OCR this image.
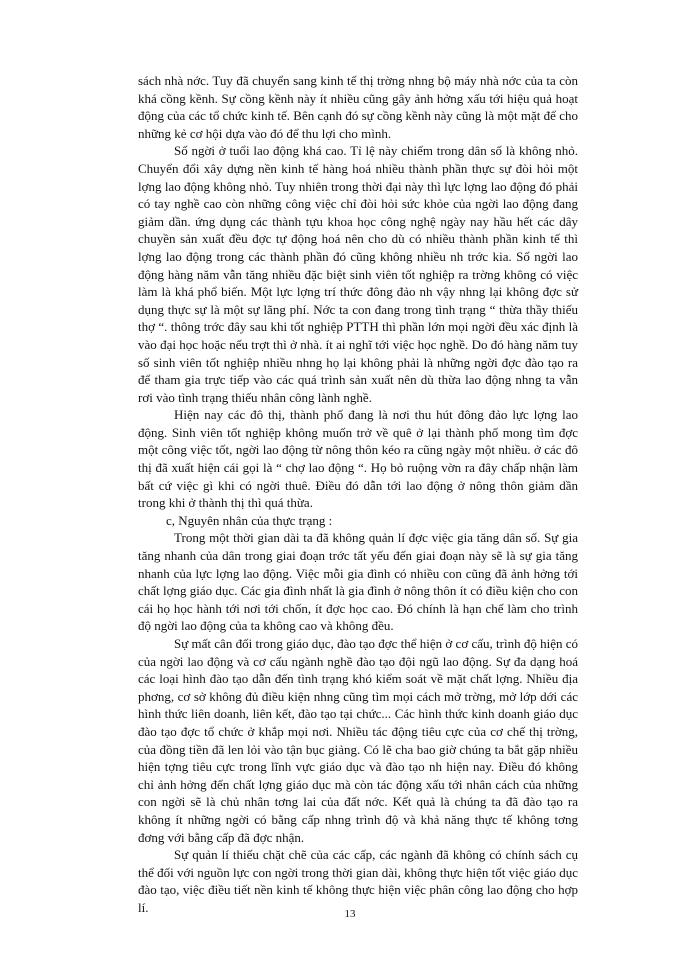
sách nhà nớc. Tuy đã chuyển sang kinh tế thị trờng nhng bộ máy nhà nớc của ta còn khá cồng kềnh. Sự cồng kềnh này ít nhiều cũng gây ảnh hởng xấu tới hiệu quả hoạt động của các tổ chức kinh tế. Bên cạnh đó sự cồng kềnh này cũng là một mặt để cho những kẻ cơ hội dựa vào đó để thu lợi cho mình.

Số ngời ở tuổi lao động khá cao. Tỉ lệ này chiếm trong dân số là không nhỏ. Chuyển đổi xây dựng nền kinh tế hàng hoá nhiều thành phần thực sự đòi hỏi một lợng lao động không nhỏ. Tuy nhiên trong thời đại này thì lực lợng lao động đó phải có tay nghề cao còn những công việc chỉ đòi hỏi sức khỏe của ngời lao động đang giảm dần. ứng dụng các thành tựu khoa học công nghệ ngày nay hầu hết các dây chuyền sản xuất đều đợc tự động hoá nên cho dù có nhiều thành phần kinh tế thì lợng lao động trong các thành phần đó cũng không nhiều nh trớc kia. Số ngời lao động hàng năm vẫn tăng nhiều đặc biệt sinh viên tốt nghiệp ra trờng không có việc làm là khá phổ biến. Một lực lợng trí thức đông đảo nh vậy nhng lại không đợc sử dụng thực sự là một sự lãng phí. Nớc ta con đang trong tình trạng “ thừa thầy thiếu thợ “. thông trớc đây sau khi tốt nghiệp PTTH thì phần lớn mọi ngời đều xác định là vào đại học hoặc nếu trợt thì ở nhà. ít ai nghĩ tới việc học nghề. Do đó hàng năm tuy số sinh viên tốt nghiệp nhiều nhng họ lại không phải là những ngời đợc đào tạo ra để tham gia trực tiếp vào các quá trình sản xuất nên dù thừa lao động nhng ta vẫn rơi vào tình trạng thiếu nhân công lành nghề.

Hiện nay các đô thị, thành phố đang là nơi thu hút đông đảo lực lợng lao động. Sinh viên tốt nghiệp không muốn trở về quê ở lại thành phố mong tìm đợc một công việc tốt, ngời lao động từ nông thôn kéo ra cũng ngày một nhiều. ở các đô thị đã xuất hiện cái gọi là “ chợ lao động “. Họ bỏ ruộng vờn ra đây chấp nhận làm bất cứ việc gì khi có ngời thuê. Điều đó dẫn tới lao động ở nông thôn giảm dần trong khi ở thành thị thì quá thừa.

c, Nguyên nhân của thực trạng :

Trong một thời gian dài ta đã không quản lí đợc việc gia tăng dân số. Sự gia tăng nhanh của dân trong giai đoạn trớc tất yếu đến giai đoạn này sẽ là sự gia tăng nhanh của lực lợng lao động. Việc mỗi gia đình có nhiều con cũng đã ảnh hởng tới chất lợng giáo dục. Các gia đình nhất là gia đình ở nông thôn ít có điều kiện cho con cái họ học hành tới nơi tới chốn, ít đợc học cao. Đó chính là hạn chế làm cho trình độ ngời lao động của ta không cao và không đều.

Sự mất cân đối trong giáo dục, đào tạo đợc thể hiện ở cơ cấu, trình độ hiện có của ngời lao động và cơ cấu ngành nghề đào tạo đội ngũ lao động. Sự đa dạng hoá các loại hình đào tạo dẫn đến tình trạng khó kiểm soát về mặt chất lợng. Nhiều địa phơng, cơ sở không đủ điều kiện nhng cũng tìm mọi cách mở trờng, mở lớp dới các hình thức liên doanh, liên kết, đào tạo tại chức... Các hình thức kinh doanh giáo dục đào tạo đợc tổ chức ở khắp mọi nơi. Nhiều tác động tiêu cực của cơ chế thị trờng, của đồng tiền đã len lỏi vào tận bục giảng. Có lẽ cha bao giờ chúng ta bắt gặp nhiều hiện tợng tiêu cực trong lĩnh vực giáo dục và đào tạo nh hiện nay. Điều đó không chỉ ảnh hởng đến chất lợng giáo dục mà còn tác động xấu tới nhân cách của những con ngời sẽ là chủ nhân tơng lai của đất nớc. Kết quả là chúng ta đã đào tạo ra không ít những ngời có bằng cấp nhng trình độ và khả năng thực tế không tơng đơng với bằng cấp đã đợc nhận.

Sự quản lí thiếu chặt chẽ của các cấp, các ngành đã không có chính sách cụ thể đối với nguồn lực con ngời trong thời gian dài, không thực hiện tốt việc giáo dục đào tạo, việc điều tiết nền kinh tế không thực hiện việc phân công lao động cho hợp lí.	13
